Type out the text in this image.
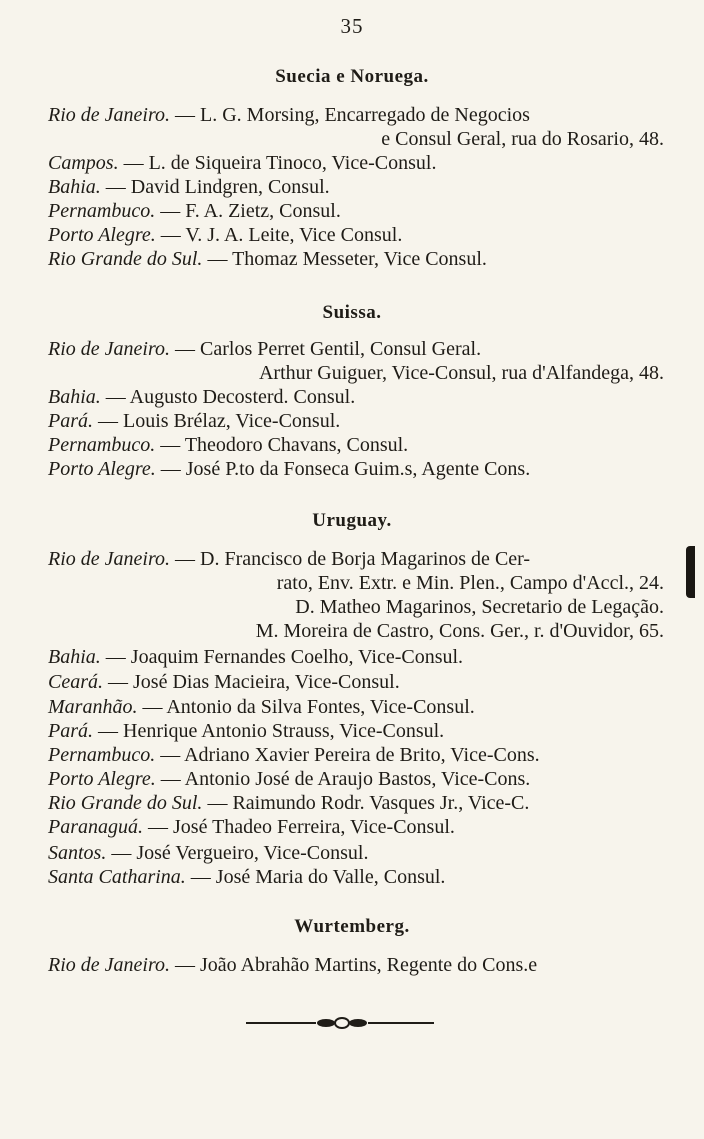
35
Suecia e Noruega.
Rio de Janeiro. — L. G. Morsing, Encarregado de Negocios
e Consul Geral, rua do Rosario, 48.
Campos. — L. de Siqueira Tinoco, Vice-Consul.
Bahia. — David Lindgren, Consul.
Pernambuco. — F. A. Zietz, Consul.
Porto Alegre. — V. J. A. Leite, Vice Consul.
Rio Grande do Sul. — Thomaz Messeter, Vice Consul.
Suissa.
Rio de Janeiro. — Carlos Perret Gentil, Consul Geral.
Arthur Guiguer, Vice-Consul, rua d'Alfandega, 48.
Bahia. — Augusto Decosterd. Consul.
Pará. — Louis Brélaz, Vice-Consul.
Pernambuco. — Theodoro Chavans, Consul.
Porto Alegre. — José P.to da Fonseca Guim.s, Agente Cons.
Uruguay.
Rio de Janeiro. — D. Francisco de Borja Magarinos de Cer-
rato, Env. Extr. e Min. Plen., Campo d'Accl., 24.
D. Matheo Magarinos, Secretario de Legação.
M. Moreira de Castro, Cons. Ger., r. d'Ouvidor, 65.
Bahia. — Joaquim Fernandes Coelho, Vice-Consul.
Ceará. — José Dias Macieira, Vice-Consul.
Maranhão. — Antonio da Silva Fontes, Vice-Consul.
Pará. — Henrique Antonio Strauss, Vice-Consul.
Pernambuco. — Adriano Xavier Pereira de Brito, Vice-Cons.
Porto Alegre. — Antonio José de Araujo Bastos, Vice-Cons.
Rio Grande do Sul. — Raimundo Rodr. Vasques Jr., Vice-C.
Paranaguá. — José Thadeo Ferreira, Vice-Consul.
Santos. — José Vergueiro, Vice-Consul.
Santa Catharina. — José Maria do Valle, Consul.
Wurtemberg.
Rio de Janeiro. — João Abrahão Martins, Regente do Cons.e
